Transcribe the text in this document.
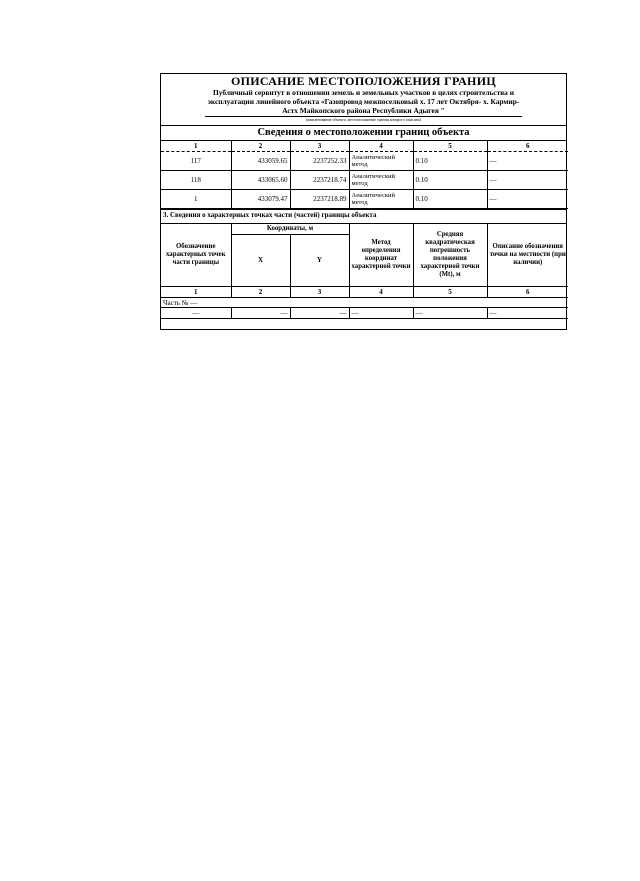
ОПИСАНИЕ МЕСТОПОЛОЖЕНИЯ ГРАНИЦ
Публичный сервитут в отношении земель и земельных участков в целях строительства и
эксплуатации линейного объекта «Газопровод межпоселковый х. 17 лет Октября- х. Кармир-
Астх Майкопского района Республики Адыгея "
(наименование объекта, местоположение границ которого описано)
Сведения о местоположении границ объекта
1	2	3	4	5	6
117	433059.65	2237252.33	Аналитический метод	0.10	—
118	433065.60	2237218.74	Аналитический метод	0.10	—
1	433079.47	2237218.89	Аналитический метод	0.10	—
3. Сведения о характерных точках части (частей) границы объекта
Обозначение характерных точек части границы	Координаты, м		Метод определения координат характерной точки	Средняя квадратическая погрешность положения характерной точки (Mt), м	Описание обозначения точки на местности (при наличии)
	X	Y			
1	2	3	4	5	6
Часть № —					
—	—	—	—	—	—
